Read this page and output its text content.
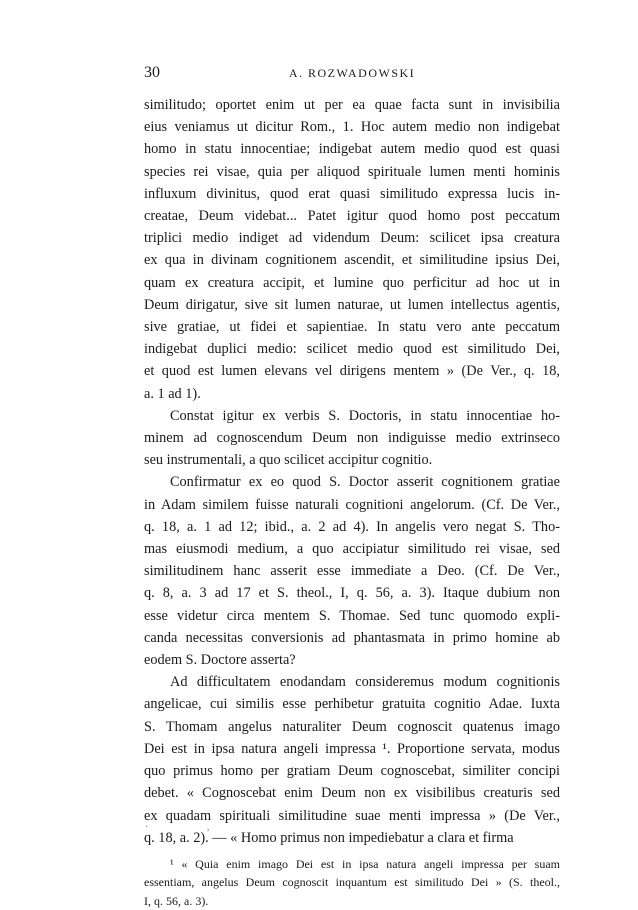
30	A. ROZWADOWSKI
similitudo; oportet enim ut per ea quae facta sunt in invisibilia
eius veniamus ut dicitur Rom., 1. Hoc autem medio non indigebat
homo in statu innocentiae; indigebat autem medio quod est quasi
species rei visae, quia per aliquod spirituale lumen menti hominis
influxum divinitus, quod erat quasi similitudo expressa lucis in-
creatae, Deum videbat... Patet igitur quod homo post peccatum
triplici medio indiget ad videndum Deum: scilicet ipsa creatura
ex qua in divinam cognitionem ascendit, et similitudine ipsius Dei,
quam ex creatura accipit, et lumine quo perficitur ad hoc ut in
Deum dirigatur, sive sit lumen naturae, ut lumen intellectus agentis,
sive gratiae, ut fidei et sapientiae. In statu vero ante peccatum
indigebat duplici medio: scilicet medio quod est similitudo Dei,
et quod est lumen elevans vel dirigens mentem » (De Ver., q. 18,
a. 1 ad 1).
Constat igitur ex verbis S. Doctoris, in statu innocentiae ho-
minem ad cognoscendum Deum non indiguisse medio extrinseco
seu instrumentali, a quo scilicet accipitur cognitio.
Confirmatur ex eo quod S. Doctor asserit cognitionem gratiae
in Adam similem fuisse naturali cognitioni angelorum. (Cf. De Ver.,
q. 18, a. 1 ad 12; ibid., a. 2 ad 4). In angelis vero negat S. Tho-
mas eiusmodi medium, a quo accipiatur similitudo rei visae, sed
similitudinem hanc asserit esse immediate a Deo. (Cf. De Ver.,
q. 8, a. 3 ad 17 et S. theol., I, q. 56, a. 3). Itaque dubium non
esse videtur circa mentem S. Thomae. Sed tunc quomodo expli-
canda necessitas conversionis ad phantasmata in primo homine ab
eodem S. Doctore asserta?
Ad difficultatem enodandam consideremus modum cognitionis
angelicae, cui similis esse perhibetur gratuita cognitio Adae. Iuxta
S. Thomam angelus naturaliter Deum cognoscit quatenus imago
Dei est in ipsa natura angeli impressa ¹. Proportione servata, modus
quo primus homo per gratiam Deum cognoscebat, similiter concipi
debet. « Cognoscebat enim Deum non ex visibilibus creaturis sed
ex quadam spirituali similitudine suae menti impressa » (De Ver.,
q. 18, a. 2). — « Homo primus non impediebatur a clara et firma
¹ « Quia enim imago Dei est in ipsa natura angeli impressa per suam
essentiam, angelus Deum cognoscit inquantum est similitudo Dei » (S. theol.,
I, q. 56, a. 3).
· ,
